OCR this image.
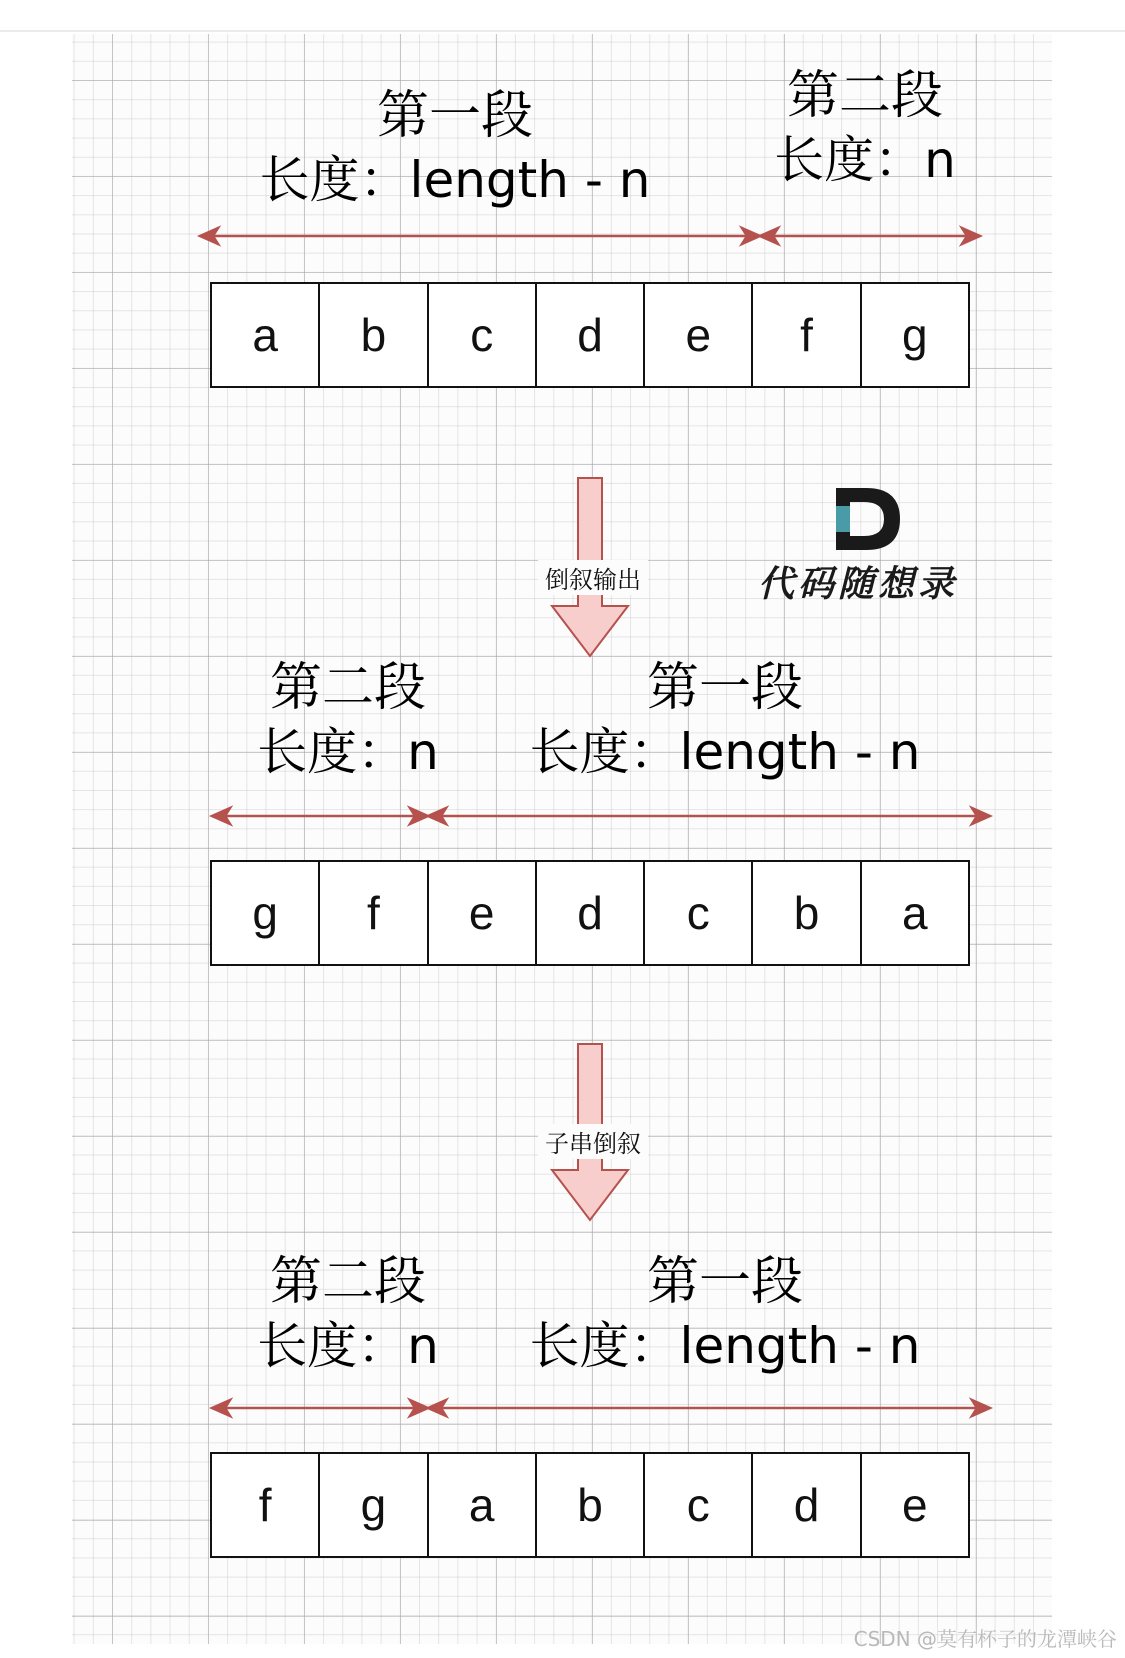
第一段
长度：length - n
第二段
长度：n
a	b	c	d	e	f	g
第二段
长度：n
第一段
长度：length - n
g	f	e	d	c	b	a
第二段
长度：n
第一段
长度：length - n
f	g	a	b	c	d	e
倒叙输出
子串倒叙
代码随想录
CSDN @莫有杯子的龙潭峡谷
